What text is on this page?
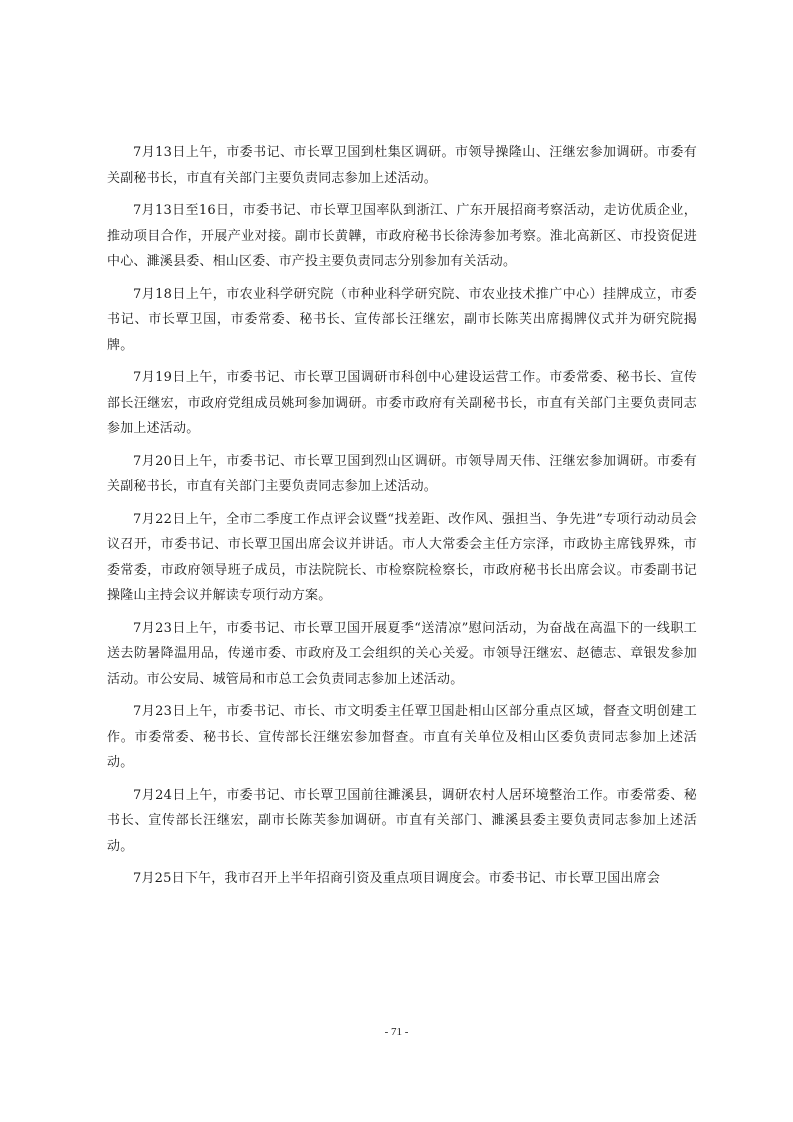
7月13日上午，市委书记、市长覃卫国到杜集区调研。市领导操隆山、汪继宏参加调研。市委有关副秘书长，市直有关部门主要负责同志参加上述活动。

7月13日至16日，市委书记、市长覃卫国率队到浙江、广东开展招商考察活动，走访优质企业，推动项目合作，开展产业对接。副市长黄韡，市政府秘书长徐涛参加考察。淮北高新区、市投资促进中心、濉溪县委、相山区委、市产投主要负责同志分别参加有关活动。

7月18日上午，市农业科学研究院（市种业科学研究院、市农业技术推广中心）挂牌成立，市委书记、市长覃卫国，市委常委、秘书长、宣传部长汪继宏，副市长陈芙出席揭牌仪式并为研究院揭牌。

7月19日上午，市委书记、市长覃卫国调研市科创中心建设运营工作。市委常委、秘书长、宣传部长汪继宏，市政府党组成员姚珂参加调研。市委市政府有关副秘书长，市直有关部门主要负责同志参加上述活动。

7月20日上午，市委书记、市长覃卫国到烈山区调研。市领导周天伟、汪继宏参加调研。市委有关副秘书长，市直有关部门主要负责同志参加上述活动。

7月22日上午，全市二季度工作点评会议暨“找差距、改作风、强担当、争先进”专项行动动员会议召开，市委书记、市长覃卫国出席会议并讲话。市人大常委会主任方宗泽，市政协主席钱界殊，市委常委，市政府领导班子成员，市法院院长、市检察院检察长，市政府秘书长出席会议。市委副书记操隆山主持会议并解读专项行动方案。

7月23日上午，市委书记、市长覃卫国开展夏季“送清凉”慰问活动，为奋战在高温下的一线职工送去防暑降温用品，传递市委、市政府及工会组织的关心关爱。市领导汪继宏、赵德志、章银发参加活动。市公安局、城管局和市总工会负责同志参加上述活动。

7月23日上午，市委书记、市长、市文明委主任覃卫国赴相山区部分重点区域，督查文明创建工作。市委常委、秘书长、宣传部长汪继宏参加督查。市直有关单位及相山区委负责同志参加上述活动。

7月24日上午，市委书记、市长覃卫国前往濉溪县，调研农村人居环境整治工作。市委常委、秘书长、宣传部长汪继宏，副市长陈芙参加调研。市直有关部门、濉溪县委主要负责同志参加上述活动。

7月25日下午，我市召开上半年招商引资及重点项目调度会。市委书记、市长覃卫国出席会

- 71 -
